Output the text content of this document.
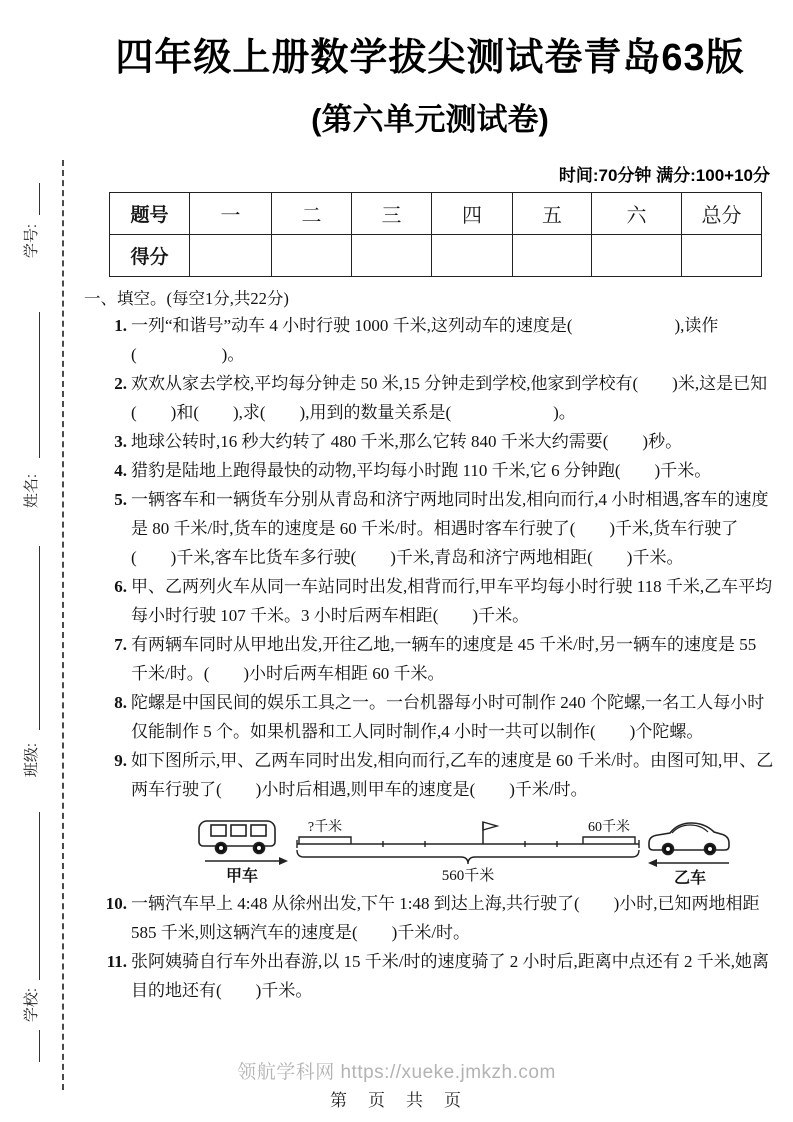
学号:
姓名:
班级:
学校:
四年级上册数学拔尖测试卷青岛63版
(第六单元测试卷)
时间:70分钟 满分:100+10分
题号	一	二	三	四	五	六	总分
得分							
一、填空。(每空1分,共22分)
1. 一列“和谐号”动车 4 小时行驶 1000 千米,这列动车的速度是(　　　　　　),读作(　　　　　)。
2. 欢欢从家去学校,平均每分钟走 50 米,15 分钟走到学校,他家到学校有(　　)米,这是已知(　　)和(　　),求(　　),用到的数量关系是(　　　　　　)。
3. 地球公转时,16 秒大约转了 480 千米,那么它转 840 千米大约需要(　　)秒。
4. 猎豹是陆地上跑得最快的动物,平均每小时跑 110 千米,它 6 分钟跑(　　)千米。
5. 一辆客车和一辆货车分别从青岛和济宁两地同时出发,相向而行,4 小时相遇,客车的速度是 80 千米/时,货车的速度是 60 千米/时。相遇时客车行驶了(　　)千米,货车行驶了(　　)千米,客车比货车多行驶(　　)千米,青岛和济宁两地相距(　　)千米。
6. 甲、乙两列火车从同一车站同时出发,相背而行,甲车平均每小时行驶 118 千米,乙车平均每小时行驶 107 千米。3 小时后两车相距(　　)千米。
7. 有两辆车同时从甲地出发,开往乙地,一辆车的速度是 45 千米/时,另一辆车的速度是 55 千米/时。(　　)小时后两车相距 60 千米。
8. 陀螺是中国民间的娱乐工具之一。一台机器每小时可制作 240 个陀螺,一名工人每小时仅能制作 5 个。如果机器和工人同时制作,4 小时一共可以制作(　　)个陀螺。
9. 如下图所示,甲、乙两车同时出发,相向而行,乙车的速度是 60 千米/时。由图可知,甲、乙两车行驶了(　　)小时后相遇,则甲车的速度是(　　)千米/时。
甲车
?千米	60千米
560千米	乙车
10. 一辆汽车早上 4:48 从徐州出发,下午 1:48 到达上海,共行驶了(　　)小时,已知两地相距 585 千米,则这辆汽车的速度是(　　)千米/时。
11. 张阿姨骑自行车外出春游,以 15 千米/时的速度骑了 2 小时后,距离中点还有 2 千米,她离目的地还有(　　)千米。
领航学科网 https://xueke.jmkzh.com
第　页　共　页
